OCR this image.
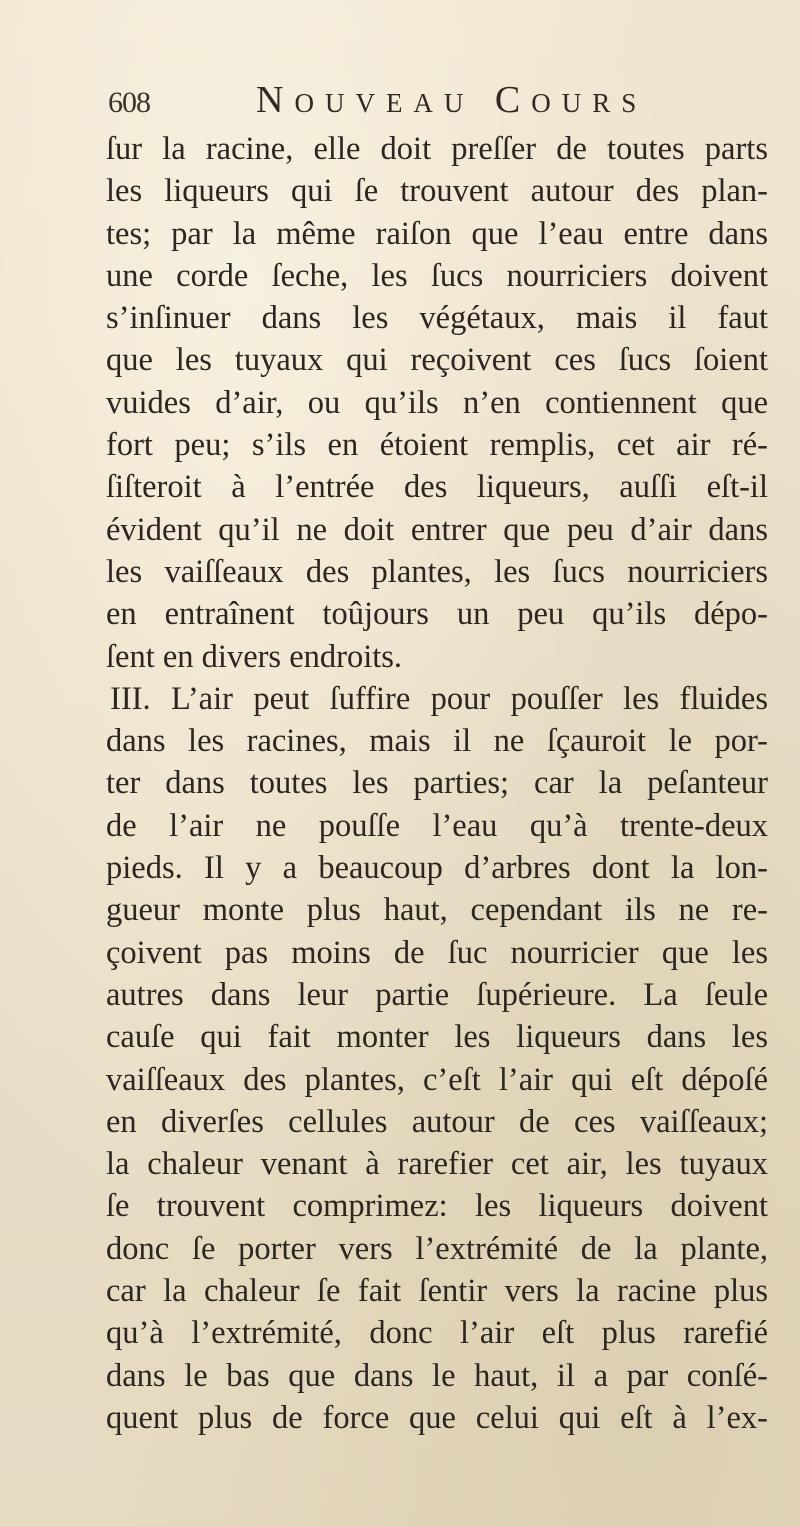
608	Nouveau Cours
ſur la racine, elle doit preſſer de toutes parts
les liqueurs qui ſe trouvent autour des plan-
tes; par la même raiſon que l’eau entre dans
une corde ſeche, les ſucs nourriciers doivent
s’inſinuer dans les végétaux, mais il faut
que les tuyaux qui reçoivent ces ſucs ſoient
vuides d’air, ou qu’ils n’en contiennent que
fort peu; s’ils en étoient remplis, cet air ré-
ſiſteroit à l’entrée des liqueurs, auſſi eſt-il
évident qu’il ne doit entrer que peu d’air dans
les vaiſſeaux des plantes, les ſucs nourriciers
en entraînent toûjours un peu qu’ils dépo-
ſent en divers endroits.
III. L’air peut ſuffire pour pouſſer les fluides
dans les racines, mais il ne ſçauroit le por-
ter dans toutes les parties; car la peſanteur
de l’air ne pouſſe l’eau qu’à trente-deux
pieds. Il y a beaucoup d’arbres dont la lon-
gueur monte plus haut, cependant ils ne re-
çoivent pas moins de ſuc nourricier que les
autres dans leur partie ſupérieure. La ſeule
cauſe qui fait monter les liqueurs dans les
vaiſſeaux des plantes, c’eſt l’air qui eſt dépoſé
en diverſes cellules autour de ces vaiſſeaux;
la chaleur venant à rarefier cet air, les tuyaux
ſe trouvent comprimez: les liqueurs doivent
donc ſe porter vers l’extrémité de la plante,
car la chaleur ſe fait ſentir vers la racine plus
qu’à l’extrémité, donc l’air eſt plus rarefié
dans le bas que dans le haut, il a par conſé-
quent plus de force que celui qui eſt à l’ex-
